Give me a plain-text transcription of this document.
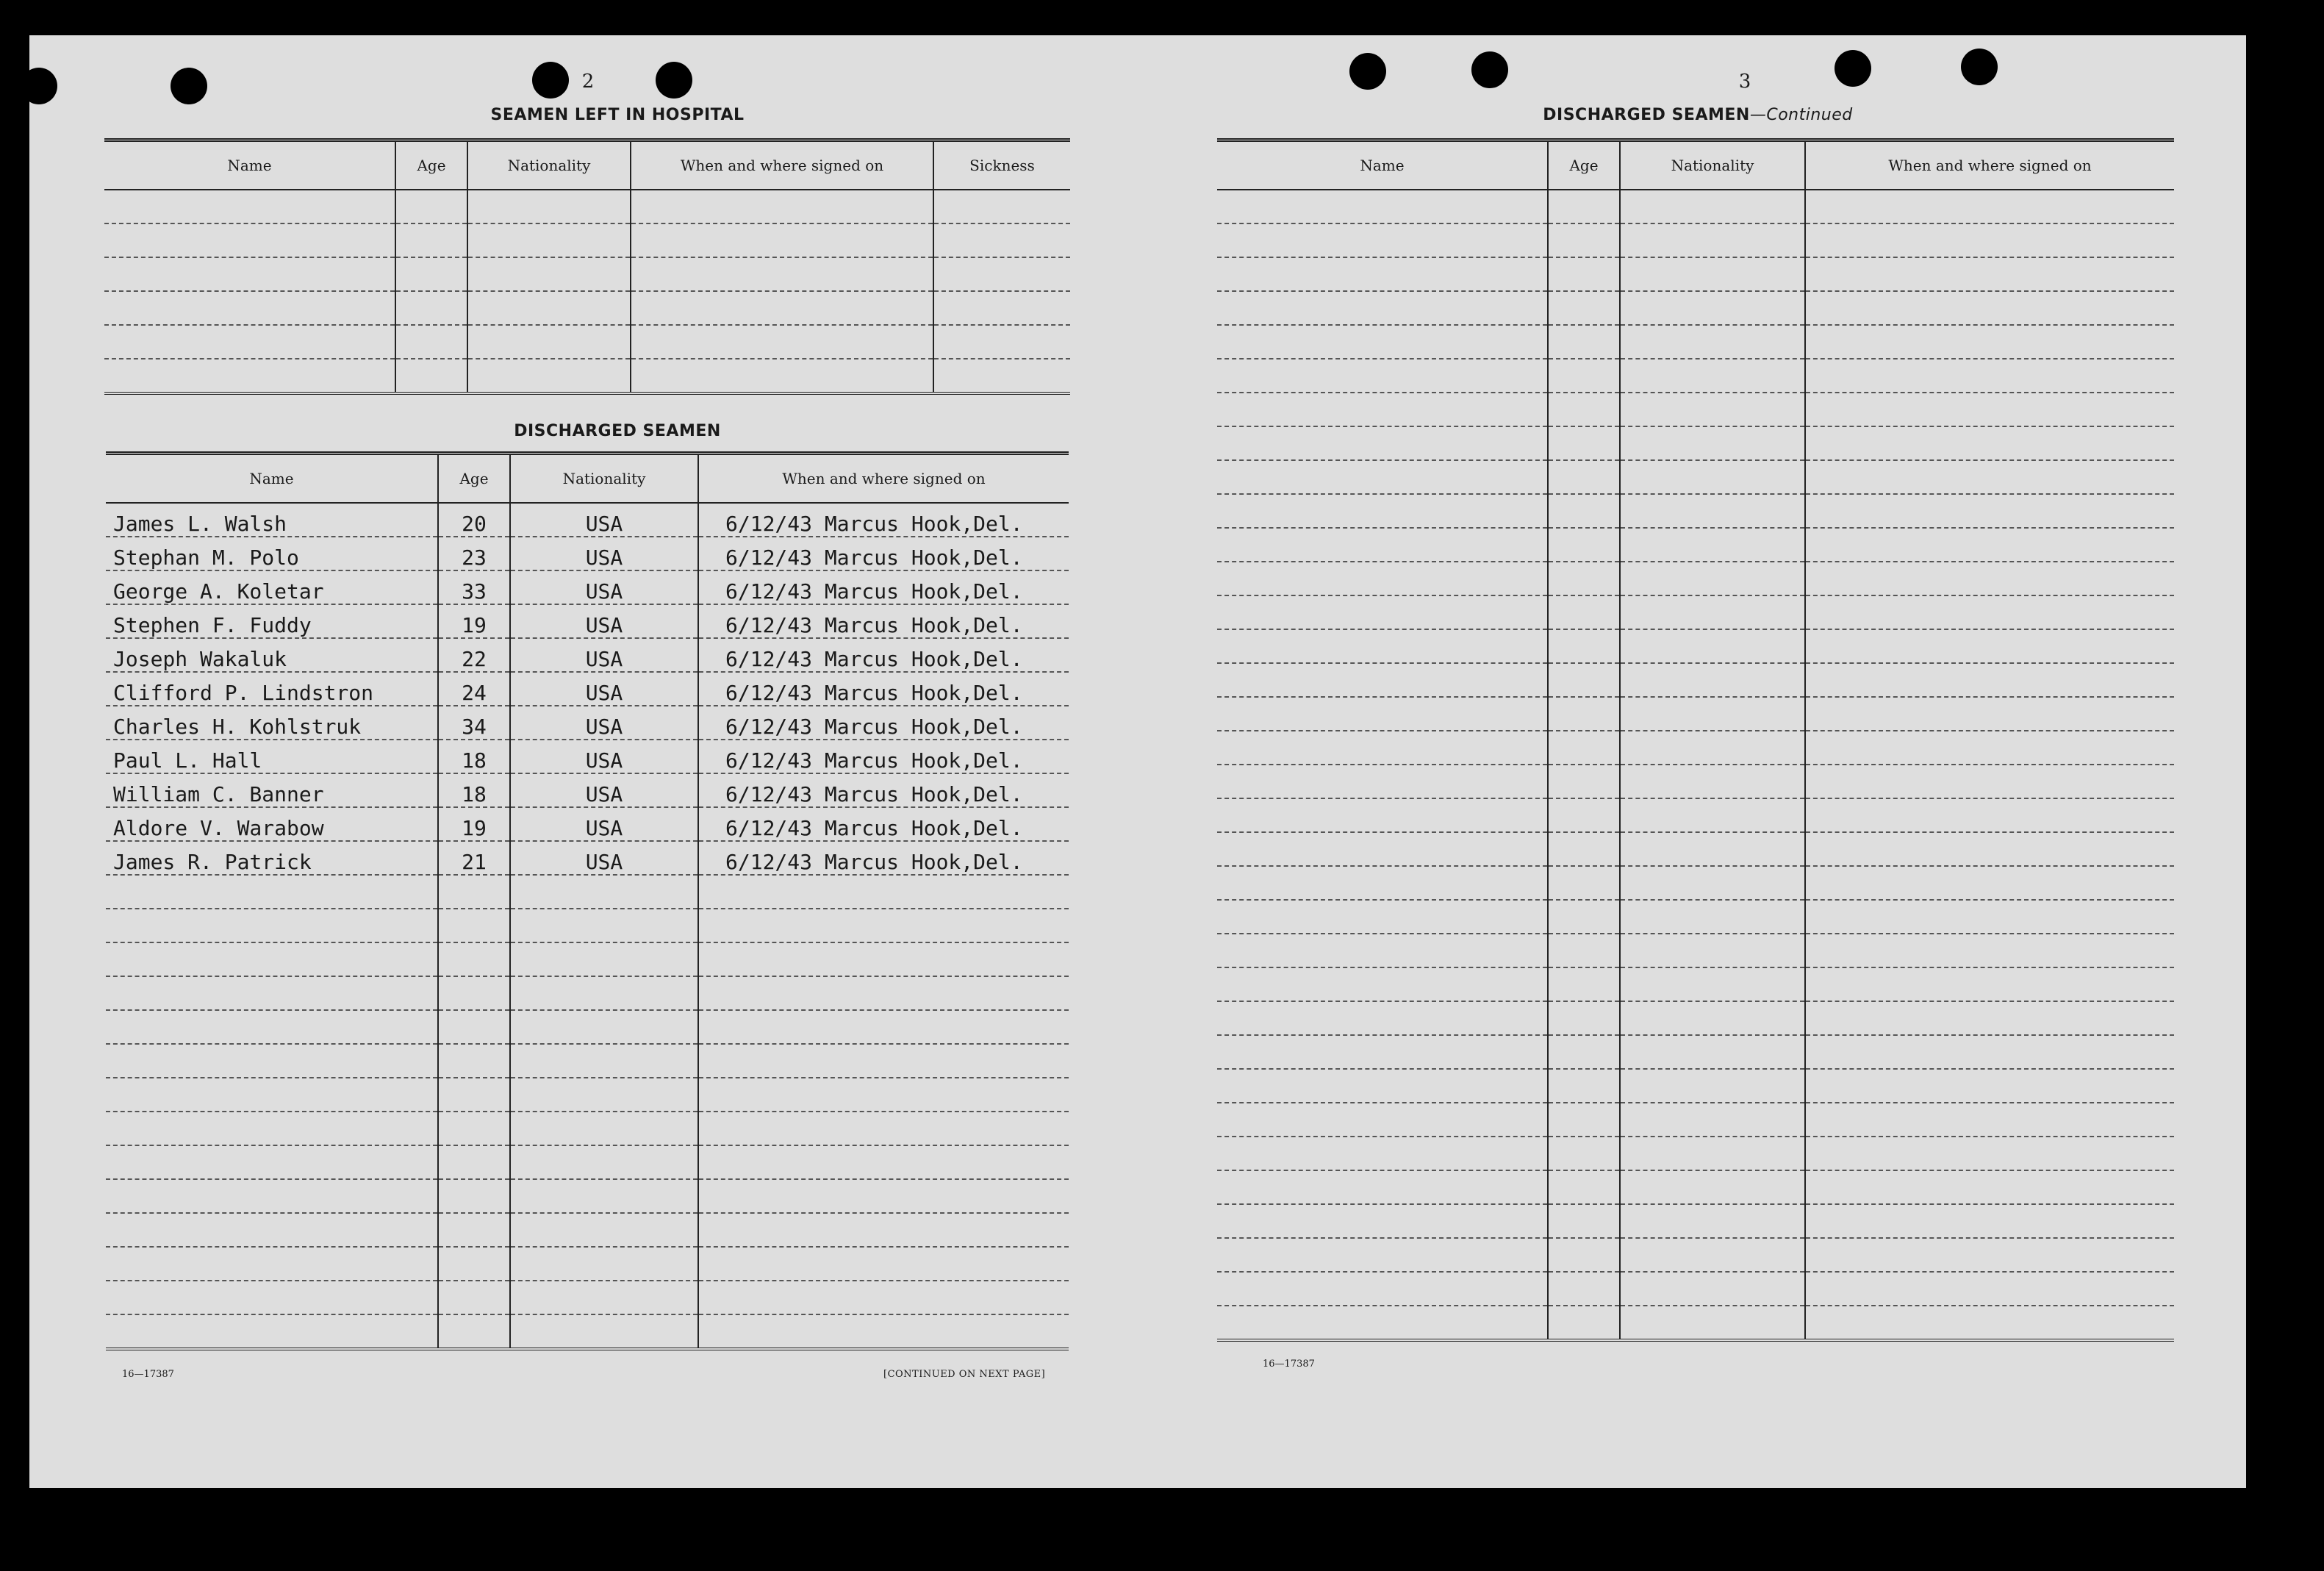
2
SEAMEN LEFT IN HOSPITAL
Name	Age	Nationality	When and where signed on	Sickness

DISCHARGED SEAMEN
Name	Age	Nationality	When and where signed on
James L. Walsh	20	USA	6/12/43 Marcus Hook,Del.
Stephan M. Polo	23	USA	6/12/43 Marcus Hook,Del.
George A. Koletar	33	USA	6/12/43 Marcus Hook,Del.
Stephen F. Fuddy	19	USA	6/12/43 Marcus Hook,Del.
Joseph Wakaluk	22	USA	6/12/43 Marcus Hook,Del.
Clifford P. Lindstron	24	USA	6/12/43 Marcus Hook,Del.
Charles H. Kohlstruk	34	USA	6/12/43 Marcus Hook,Del.
Paul L. Hall	18	USA	6/12/43 Marcus Hook,Del.
William C. Banner	18	USA	6/12/43 Marcus Hook,Del.
Aldore V. Warabow	19	USA	6/12/43 Marcus Hook,Del.
James R. Patrick	21	USA	6/12/43 Marcus Hook,Del.

16—17387	[CONTINUED ON NEXT PAGE]
3
DISCHARGED SEAMEN—Continued
Name	Age	Nationality	When and where signed on

16—17387
